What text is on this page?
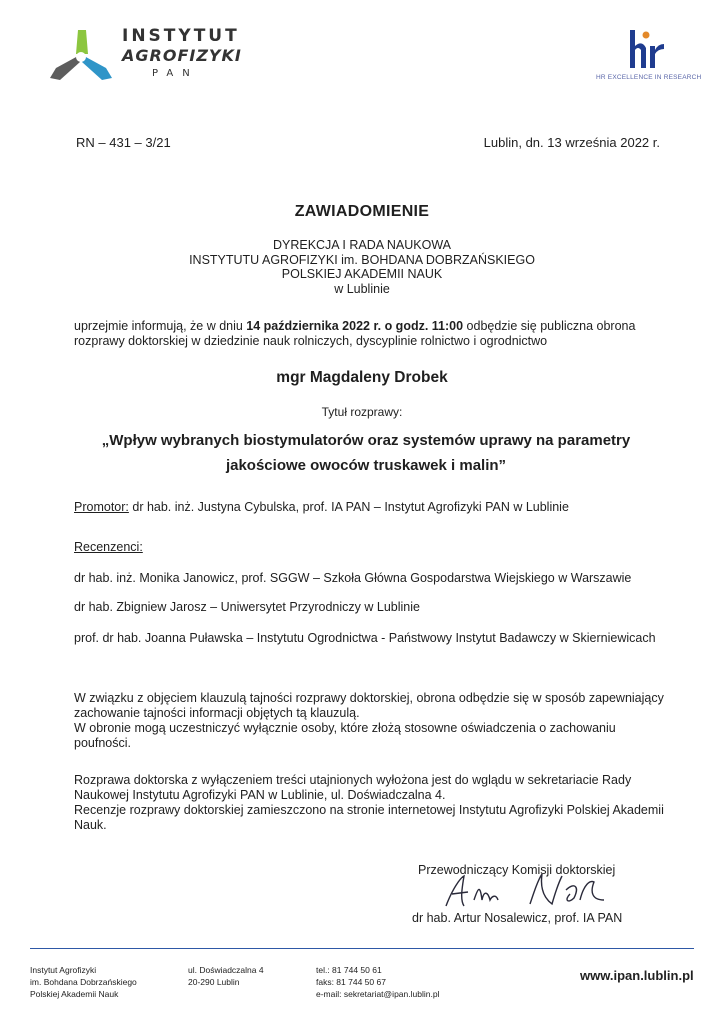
INSTYTUT
AGROFIZYKI
PAN	HR EXCELLENCE IN RESEARCH
RN – 431 – 3/21	Lublin, dn. 13 września 2022 r.
ZAWIADOMIENIE
DYREKCJA I RADA NAUKOWA
INSTYTUTU AGROFIZYKI im. BOHDANA DOBRZAŃSKIEGO
POLSKIEJ AKADEMII NAUK
w Lublinie
uprzejmie informują, że w dniu 14 października 2022 r. o godz. 11:00 odbędzie się publiczna obrona rozprawy doktorskiej w dziedzinie nauk rolniczych, dyscyplinie rolnictwo i ogrodnictwo
mgr Magdaleny Drobek
Tytuł rozprawy:
„Wpływ wybranych biostymulatorów oraz systemów uprawy na parametry
jakościowe owoców truskawek i malin”
Promotor: dr hab. inż. Justyna Cybulska, prof. IA PAN – Instytut Agrofizyki PAN w Lublinie
Recenzenci:
dr hab. inż. Monika Janowicz, prof. SGGW – Szkoła Główna Gospodarstwa Wiejskiego w Warszawie
dr hab. Zbigniew Jarosz – Uniwersytet Przyrodniczy w Lublinie
prof. dr hab. Joanna Puławska – Instytutu Ogrodnictwa - Państwowy Instytut Badawczy w Skierniewicach
W związku z objęciem klauzulą tajności rozprawy doktorskiej, obrona odbędzie się w sposób zapewniający zachowanie tajności informacji objętych tą klauzulą.
W obronie mogą uczestniczyć wyłącznie osoby, które złożą stosowne oświadczenia o zachowaniu poufności.
Rozprawa doktorska z wyłączeniem treści utajnionych wyłożona jest do wglądu w sekretariacie Rady Naukowej Instytutu Agrofizyki PAN w Lublinie, ul. Doświadczalna 4.
Recenzje rozprawy doktorskiej zamieszczono na stronie internetowej Instytutu Agrofizyki Polskiej Akademii Nauk.
Przewodniczący Komisji doktorskiej
dr hab. Artur Nosalewicz, prof. IA PAN
Instytut Agrofizyki
im. Bohdana Dobrzańskiego
Polskiej Akademii Nauk
ul. Doświadczalna 4
20-290 Lublin
tel.: 81 744 50 61
faks: 81 744 50 67
e-mail: sekretariat@ipan.lublin.pl
www.ipan.lublin.pl
